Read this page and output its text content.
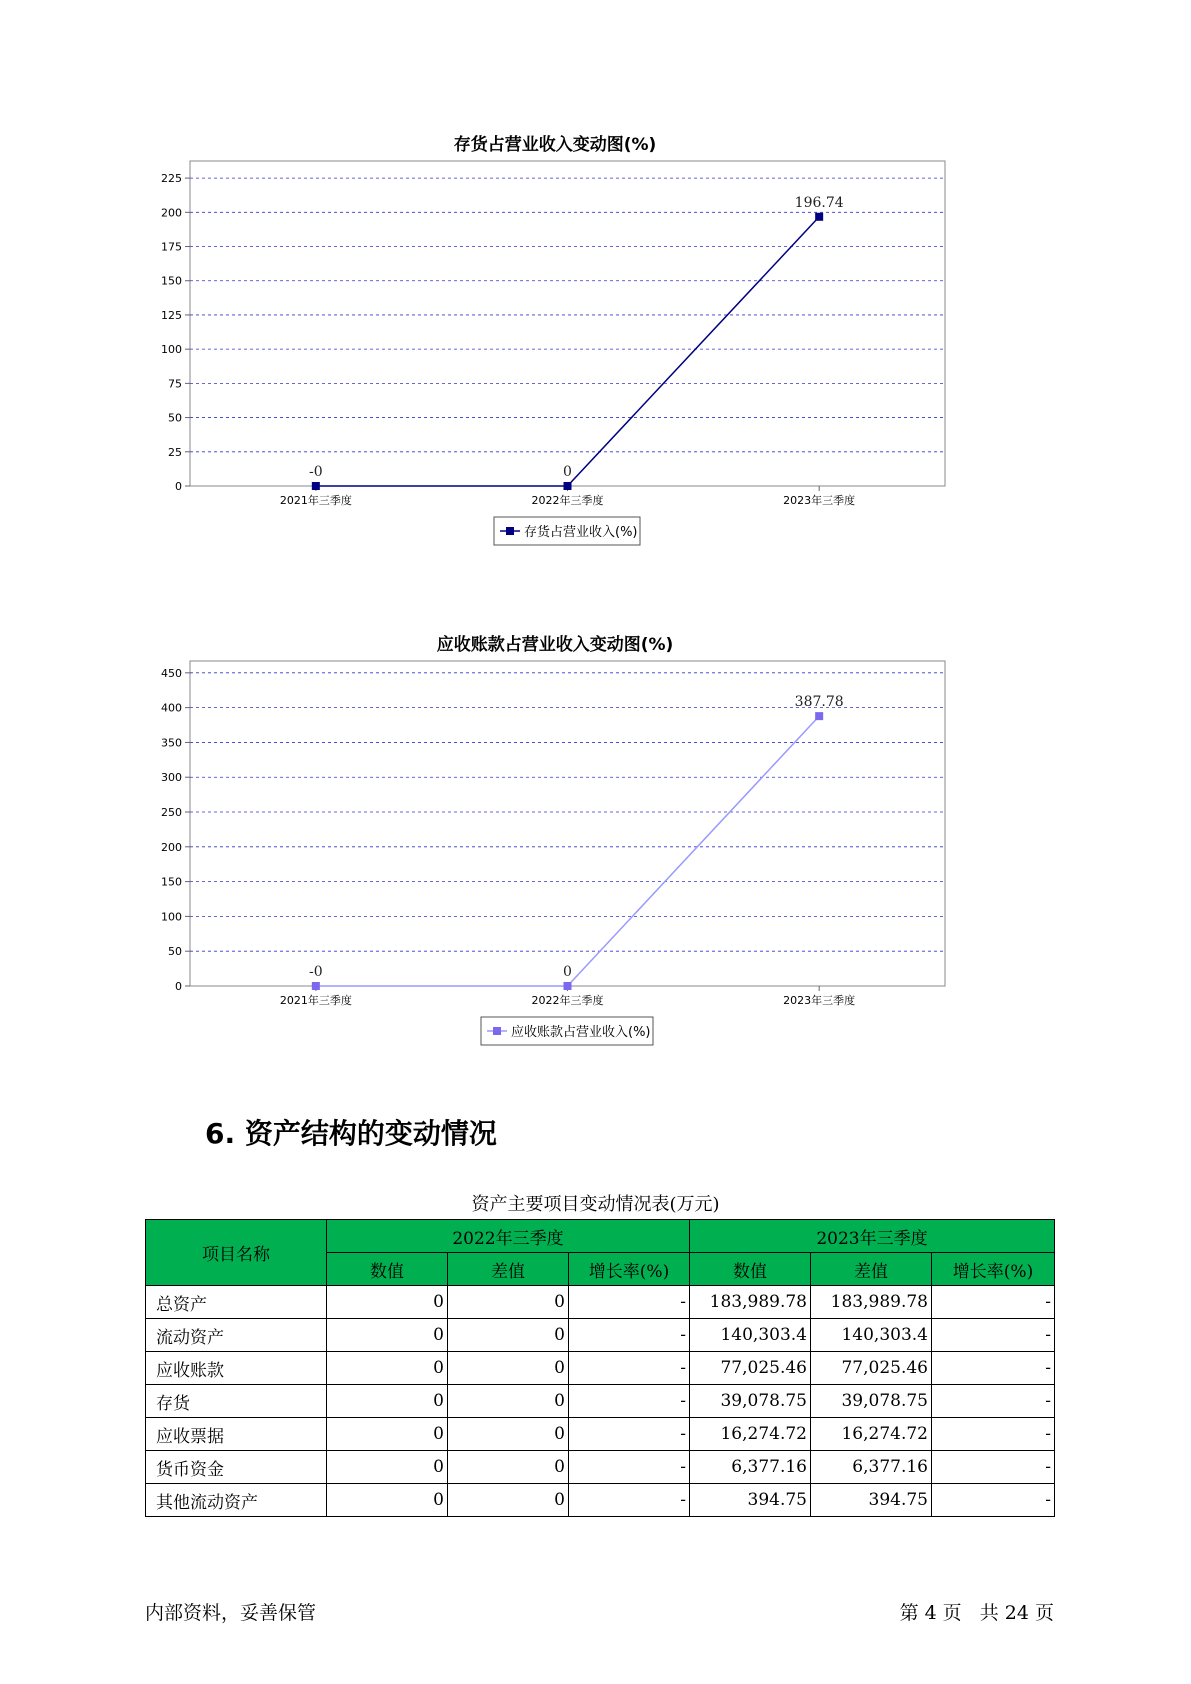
存货占营业收入变动图(%)
0
25
50
75
100
125
150
175
200
225
2021年三季度	2022年三季度	2023年三季度
-0	0
196.74
存货占营业收入(%)
应收账款占营业收入变动图(%)
0
50
100
150
200
250
300
350
400
450
2021年三季度	2022年三季度	2023年三季度
-0	0
387.78
应收账款占营业收入(%)
6. 资产结构的变动情况
资产主要项目变动情况表(万元)
项目名称	2022年三季度			2023年三季度		
	数值	差值	增长率(%)	数值	差值	增长率(%)
总资产	0	0	-	183,989.78	183,989.78	-
流动资产	0	0	-	140,303.4	140,303.4	-
应收账款	0	0	-	77,025.46	77,025.46	-
存货	0	0	-	39,078.75	39,078.75	-
应收票据	0	0	-	16,274.72	16,274.72	-
货币资金	0	0	-	6,377.16	6,377.16	-
其他流动资产	0	0	-	394.75	394.75	-
内部资料，妥善保管	第 4 页 共 24 页
